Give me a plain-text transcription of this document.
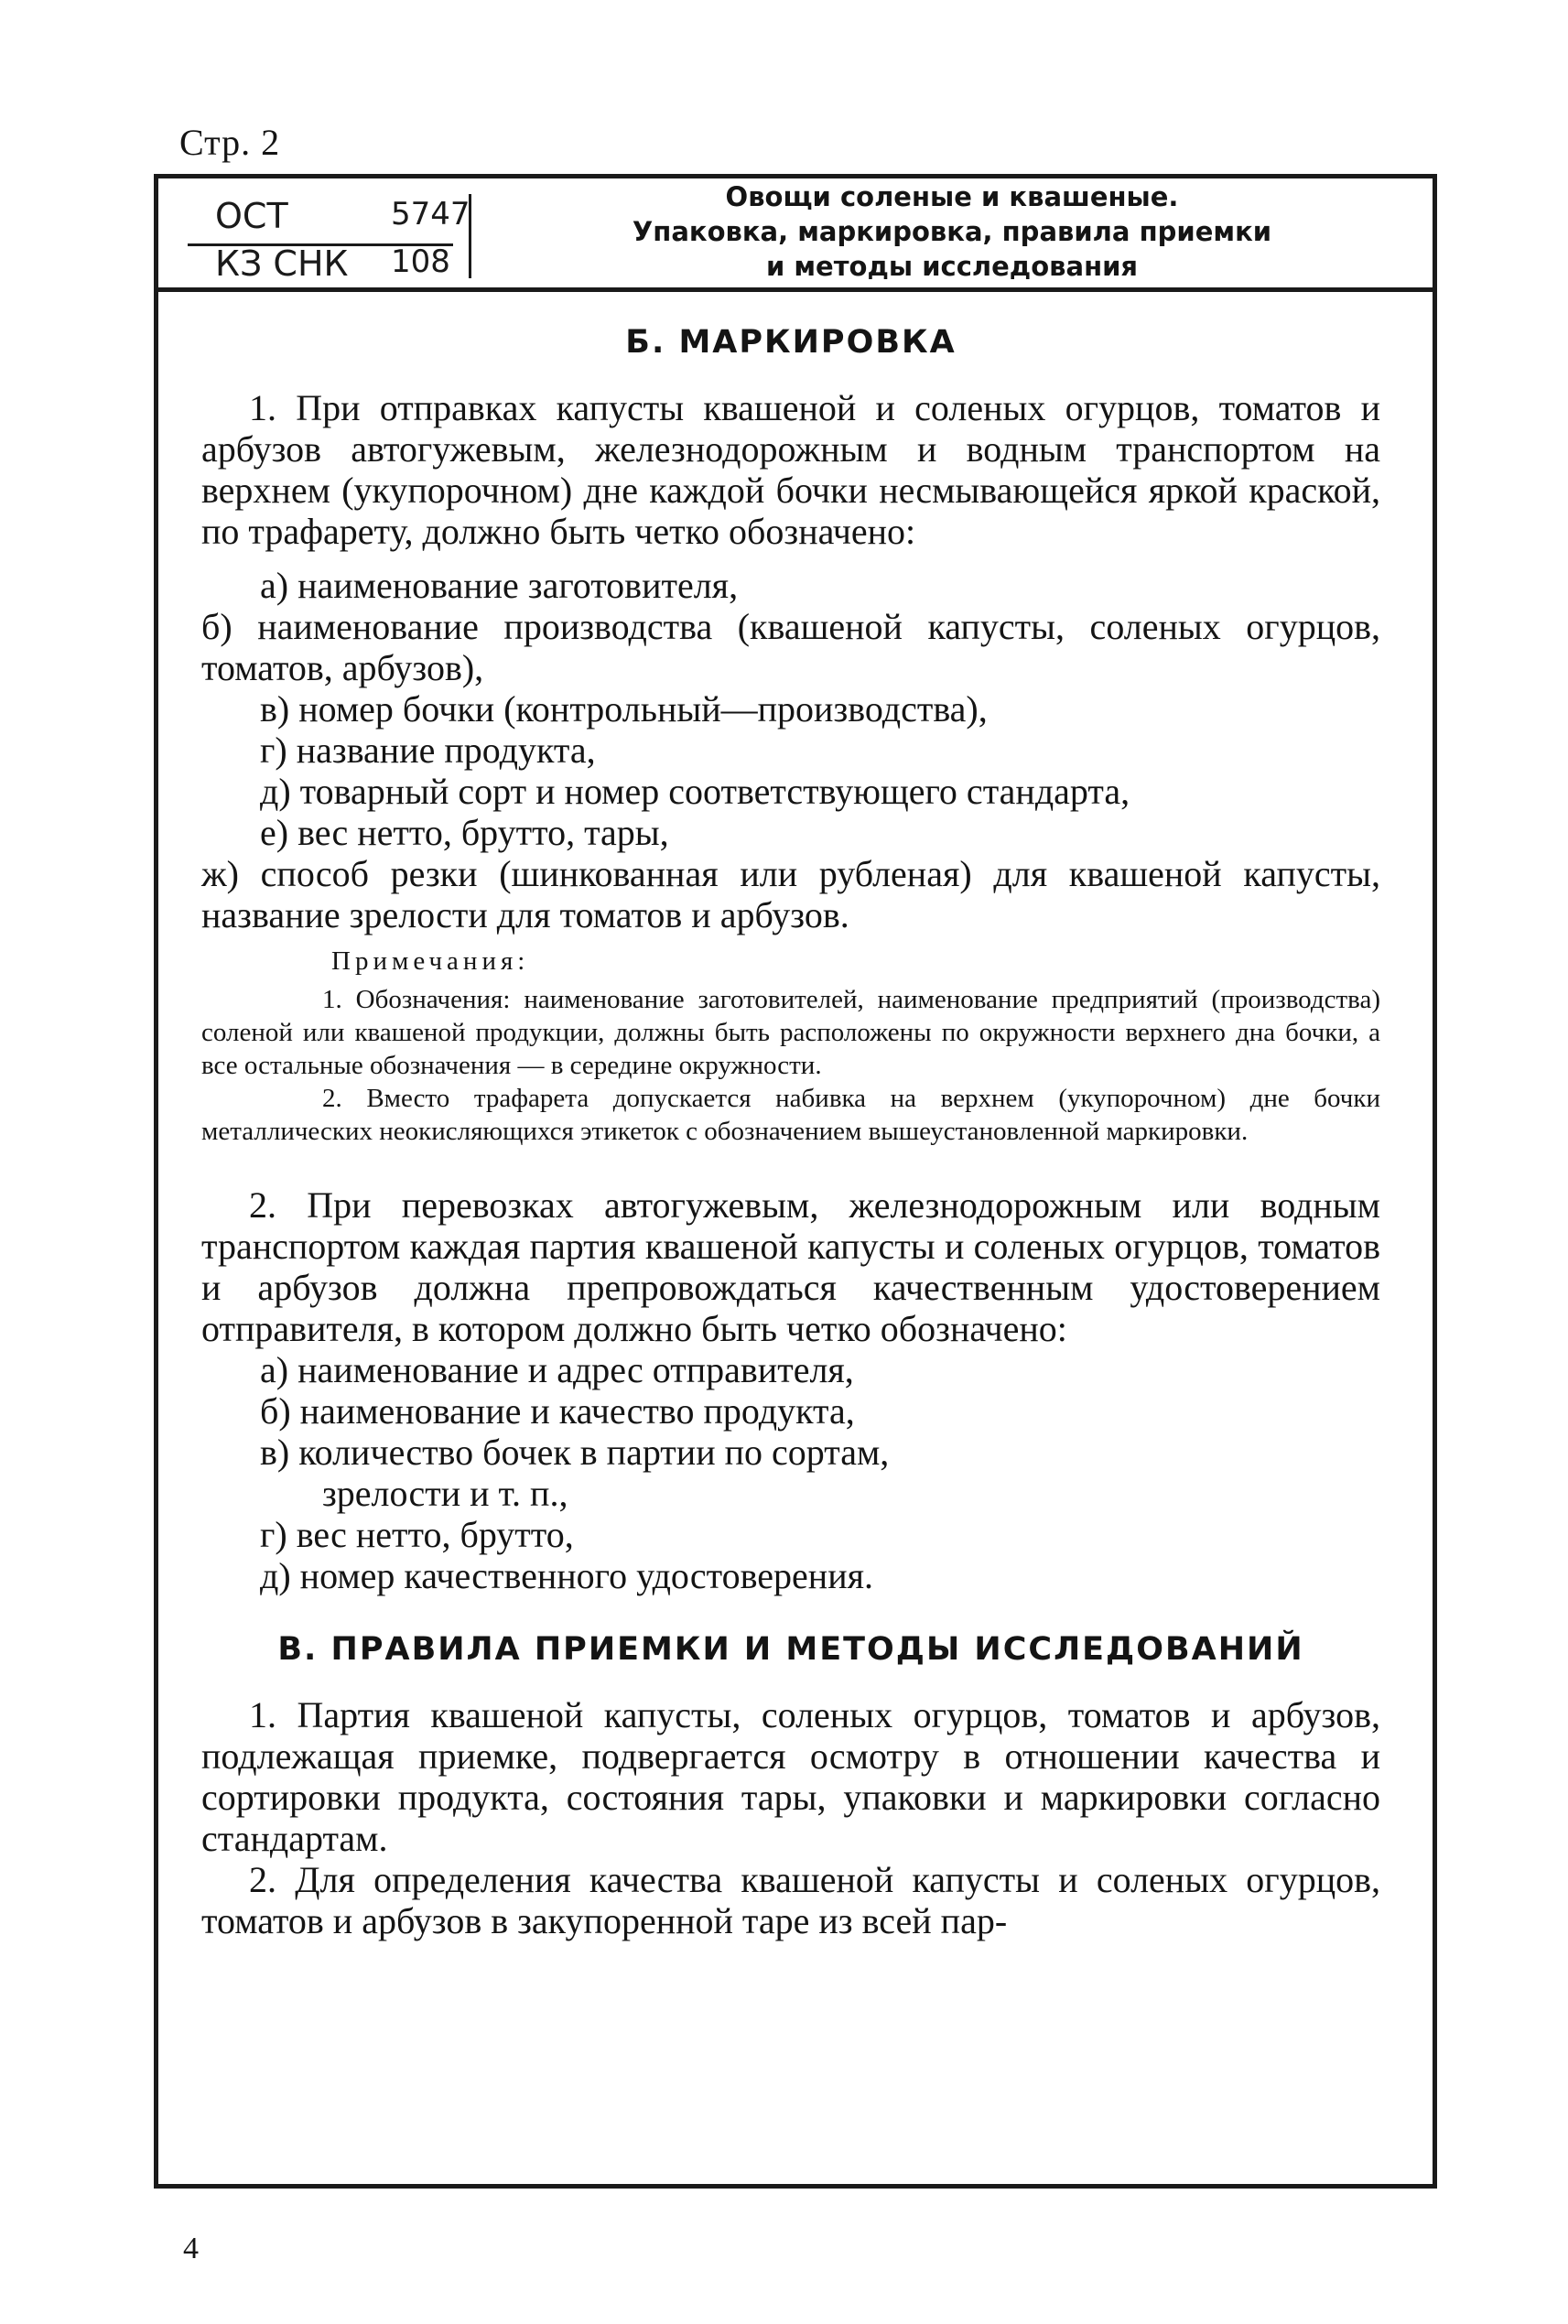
Стр. 2
ОСТ	5747
КЗ СНК 108
Овощи соленые и квашеные.
Упаковка, маркировка, правила приемки
и методы исследования
Б. МАРКИРОВКА

1. При отправках капусты квашеной и соленых огурцов, томатов и арбузов автогужевым, железнодорожным и водным транспортом на верхнем (укупорочном) дне каждой бочки несмывающейся яркой краской, по трафарету, должно быть четко обозначено:

а) наименование заготовителя,

б) наименование производства (квашеной капусты, соленых огурцов, томатов, арбузов),

в) номер бочки (контрольный—производства),

г) название продукта,

д) товарный сорт и номер соответствующего стандарта,

е) вес нетто, брутто, тары,

ж) способ резки (шинкованная или рубленая) для квашеной капусты, название зрелости для томатов и арбузов.

Примечания:

1. Обозначения: наименование заготовителей, наименование предприятий (производства) соленой или квашеной продукции, должны быть расположены по окружности верхнего дна бочки, а все остальные обозначения — в середине окружности.

2. Вместо трафарета допускается набивка на верхнем (укупорочном) дне бочки металлических неокисляющихся этикеток с обозначением вышеустановленной маркировки.

2. При перевозках автогужевым, железнодорожным или водным транспортом каждая партия квашеной капусты и соленых огурцов, томатов и арбузов должна препровождаться качественным удостоверением отправителя, в котором должно быть четко обозначено:

а) наименование и адрес отправителя,

б) наименование и качество продукта,

в) количество бочек в партии по сортам,

зрелости и т. п.,

г) вес нетто, брутто,

д) номер качественного удостоверения.

В. ПРАВИЛА ПРИЕМКИ И МЕТОДЫ ИССЛЕДОВАНИЙ

1. Партия квашеной капусты, соленых огурцов, томатов и арбузов, подлежащая приемке, подвергается осмотру в отношении качества и сортировки продукта, состояния тары, упаковки и маркировки согласно стандартам.

2. Для определения качества квашеной капусты и соленых огурцов, томатов и арбузов в закупоренной таре из всей пар-

4
